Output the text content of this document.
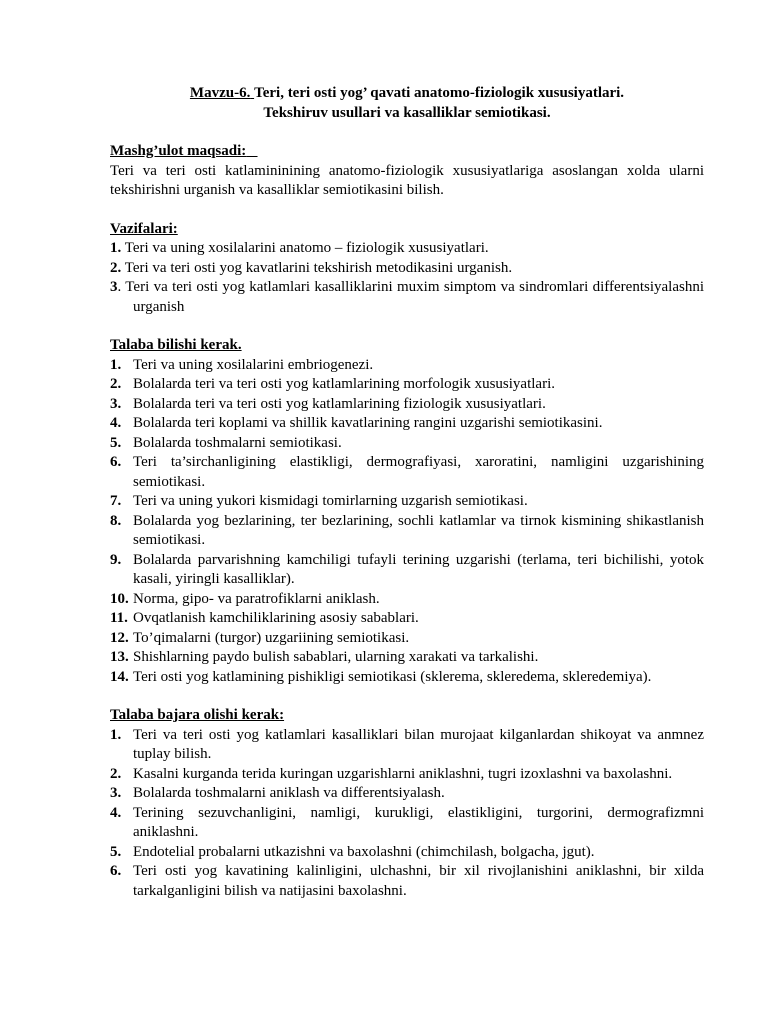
Mavzu-6. Teri, teri osti yog’ qavati anatomo-fiziologik xususiyatlari.
Tekshiruv usullari va kasalliklar semiotikasi.

Mashg’ulot maqsadi:

Teri va teri osti katlamininining anatomo-fiziologik xususiyatlariga asoslangan xolda ularni tekshirishni urganish va kasalliklar semiotikasini bilish.

Vazifalari:

1. Teri va uning xosilalarini anatomo – fiziologik xususiyatlari.
2. Teri va teri osti yog kavatlarini tekshirish metodikasini urganish.
3. Teri va teri osti yog katlamlari kasalliklarini muxim simptom va sindromlari differentsiyalashni urganish

Talaba bilishi kerak.

1. Teri va uning xosilalarini embriogenezi.
2. Bolalarda teri va teri osti yog katlamlarining morfologik xususiyatlari.
3. Bolalarda teri va teri osti yog katlamlarining fiziologik xususiyatlari.
4. Bolalarda teri koplami va shillik kavatlarining rangini uzgarishi semiotikasini.
5. Bolalarda toshmalarni semiotikasi.
6. Teri ta’sirchanligining elastikligi, dermografiyasi, xaroratini, namligini uzgarishining semiotikasi.
7. Teri va uning yukori kismidagi tomirlarning uzgarish semiotikasi.
8. Bolalarda yog bezlarining, ter bezlarining, sochli katlamlar va tirnok kismining shikastlanish semiotikasi.
9. Bolalarda parvarishning kamchiligi tufayli terining uzgarishi (terlama, teri bichilishi, yotok kasali, yiringli kasalliklar).
10. Norma, gipo- va paratrofiklarni aniklash.
11. Ovqatlanish kamchiliklarining asosiy sabablari.
12. To’qimalarni (turgor) uzgariining semiotikasi.
13. Shishlarning paydo bulish sabablari, ularning xarakati va tarkalishi.
14. Teri osti yog katlamining pishikligi semiotikasi (sklerema, skleredema, skleredemiya).

Talaba bajara olishi kerak:

1. Teri va teri osti yog katlamlari kasalliklari bilan murojaat kilganlardan shikoyat va anmnez tuplay bilish.
2. Kasalni kurganda terida kuringan uzgarishlarni aniklashni, tugri izoxlashni va baxolashni.
3. Bolalarda toshmalarni aniklash va differentsiyalash.
4. Terining sezuvchanligini, namligi, kurukligi, elastikligini, turgorini, dermografizmni aniklashni.
5. Endotelial probalarni utkazishni va baxolashni (chimchilash, bolgacha, jgut).
6. Teri osti yog kavatining kalinligini, ulchashni, bir xil rivojlanishini aniklashni, bir xilda tarkalganligini bilish va natijasini baxolashni.
